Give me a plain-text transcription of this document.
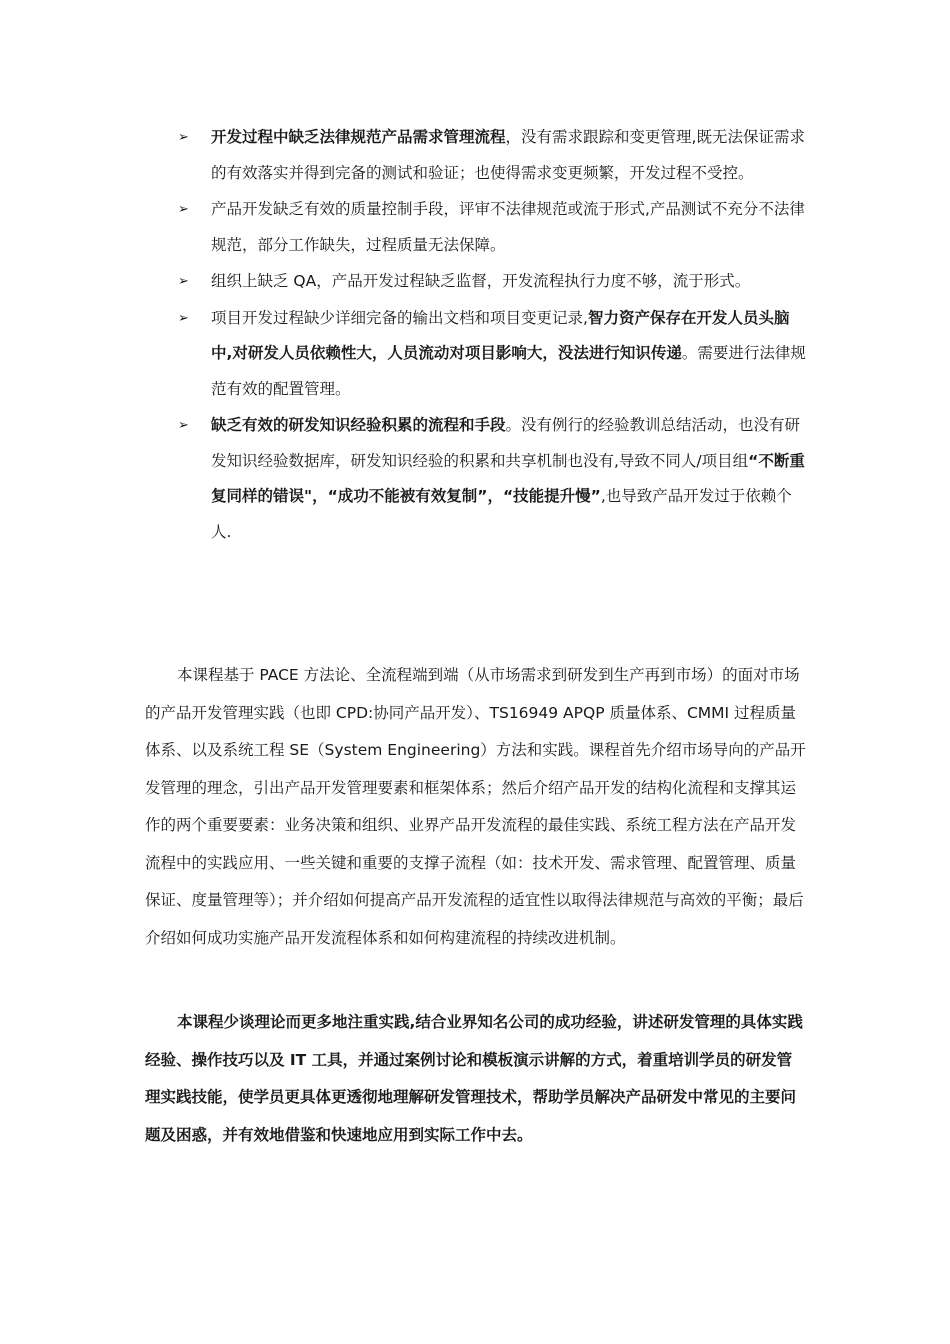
➢ 开发过程中缺乏法律规范产品需求管理流程，没有需求跟踪和变更管理,既无法保证需求的有效落实并得到完备的测试和验证；也使得需求变更频繁，开发过程不受控。
➢ 产品开发缺乏有效的质量控制手段，评审不法律规范或流于形式,产品测试不充分不法律规范，部分工作缺失，过程质量无法保障。
➢ 组织上缺乏 QA，产品开发过程缺乏监督，开发流程执行力度不够，流于形式。
➢ 项目开发过程缺少详细完备的输出文档和项目变更记录,智力资产保存在开发人员头脑中,对研发人员依赖性大，人员流动对项目影响大，没法进行知识传递。需要进行法律规范有效的配置管理。
➢ 缺乏有效的研发知识经验积累的流程和手段。没有例行的经验教训总结活动，也没有研发知识经验数据库，研发知识经验的积累和共享机制也没有,导致不同人/项目组“不断重复同样的错误"，“成功不能被有效复制”，“技能提升慢”,也导致产品开发过于依赖个人.

本课程基于 PACE 方法论、全流程端到端（从市场需求到研发到生产再到市场）的面对市场的产品开发管理实践（也即 CPD:协同产品开发）、TS16949 APQP 质量体系、CMMI 过程质量体系、以及系统工程 SE（System Engineering）方法和实践。课程首先介绍市场导向的产品开发管理的理念，引出产品开发管理要素和框架体系；然后介绍产品开发的结构化流程和支撑其运作的两个重要要素：业务决策和组织、业界产品开发流程的最佳实践、系统工程方法在产品开发流程中的实践应用、一些关键和重要的支撑子流程（如：技术开发、需求管理、配置管理、质量保证、度量管理等）；并介绍如何提高产品开发流程的适宜性以取得法律规范与高效的平衡；最后介绍如何成功实施产品开发流程体系和如何构建流程的持续改进机制。

本课程少谈理论而更多地注重实践,结合业界知名公司的成功经验，讲述研发管理的具体实践经验、操作技巧以及 IT 工具，并通过案例讨论和模板演示讲解的方式，着重培训学员的研发管理实践技能，使学员更具体更透彻地理解研发管理技术，帮助学员解决产品研发中常见的主要问题及困惑，并有效地借鉴和快速地应用到实际工作中去。
